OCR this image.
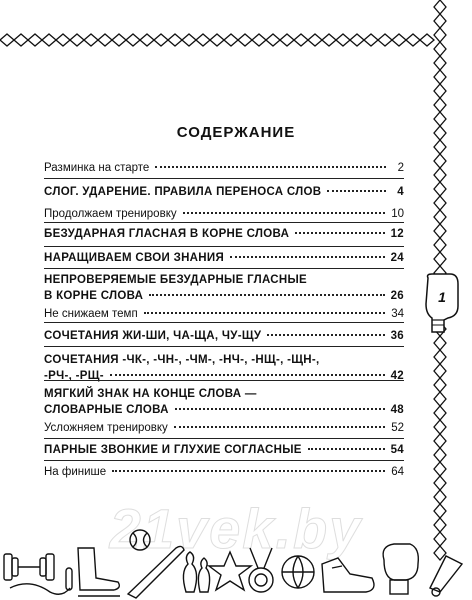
СОДЕРЖАНИЕ
Разминка на старте	2
СЛОГ. УДАРЕНИЕ. ПРАВИЛА ПЕРЕНОСА СЛОВ	4
Продолжаем тренировку	10
БЕЗУДАРНАЯ ГЛАСНАЯ В КОРНЕ СЛОВА	12
НАРАЩИВАЕМ СВОИ ЗНАНИЯ	24
НЕПРОВЕРЯЕМЫЕ БЕЗУДАРНЫЕ ГЛАСНЫЕ
В КОРНЕ СЛОВА	26
Не снижаем темп	34
СОЧЕТАНИЯ ЖИ-ШИ, ЧА-ЩА, ЧУ-ЩУ	36
СОЧЕТАНИЯ -ЧК-, -ЧН-, -ЧМ-, -НЧ-, -НЩ-, -ЩН-,
-РЧ-, -РЩ-	42
МЯГКИЙ ЗНАК НА КОНЦЕ СЛОВА —
СЛОВАРНЫЕ СЛОВА	48
Усложняем тренировку	52
ПАРНЫЕ ЗВОНКИЕ И ГЛУХИЕ СОГЛАСНЫЕ	54
На финише	64
1
21vek.by
